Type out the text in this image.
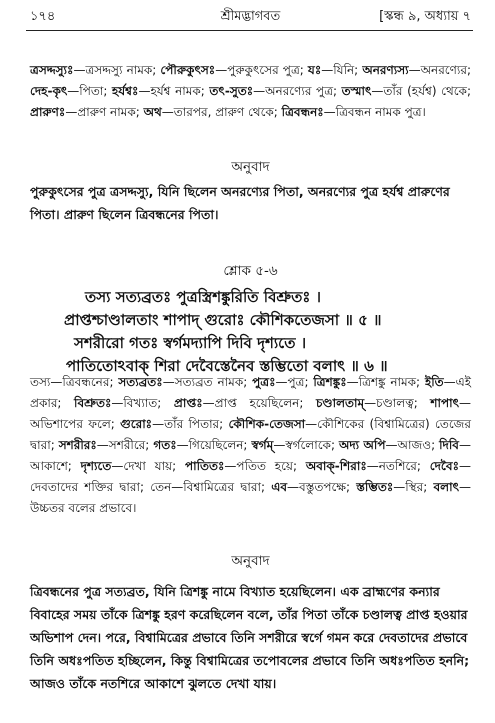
১৭৪	শ্রীমদ্ভাগবত	[স্কন্ধ ৯, অধ্যায় ৭
ত্রসদ্দস্যুঃ—ত্রসদ্দস্যু নামক; পৌরুকুৎসঃ—পুরুকুৎসের পুত্র; যঃ—যিনি; অনরণ্যস্য—অনরণ্যের; দেহ-কৃৎ—পিতা; হর্যশ্বঃ—হর্যশ্ব নামক; তৎ-সুতঃ—অনরণ্যের পুত্র; তস্মাৎ—তাঁর (হর্যশ্ব) থেকে; প্রারুণঃ—প্রারুণ নামক; অথ—তারপর, প্রারুণ থেকে; ত্রিবন্ধনঃ—ত্রিবন্ধন নামক পুত্র।
অনুবাদ
পুরুকুৎসের পুত্র ত্রসদ্দস্যু, যিনি ছিলেন অনরণ্যের পিতা, অনরণ্যের পুত্র হর্যশ্ব প্রারুণের পিতা। প্রারুণ ছিলেন ত্রিবন্ধনের পিতা।
শ্লোক ৫-৬
তস্য সত্যব্রতঃ পুত্রস্ত্রিশঙ্কুরিতি বিশ্রুতঃ ।
প্রাপ্তশ্চাণ্ডালতাং শাপাদ্ গুরোঃ কৌশিকতেজসা ॥ ৫ ॥
সশরীরো গতঃ স্বর্গমদ্যাপি দিবি দৃশ্যতে ।
পাতিতোঽবাক্ শিরা দেবৈস্তেনৈব স্তম্ভিতো বলাৎ ॥ ৬ ॥
তস্য—ত্রিবন্ধনের; সত্যব্রতঃ—সত্যব্রত নামক; পুত্রঃ—পুত্র; ত্রিশঙ্কুঃ—ত্রিশঙ্কু নামক; ইতি—এই প্রকার; বিশ্রুতঃ—বিখ্যাত; প্রাপ্তঃ—প্রাপ্ত হয়েছিলেন; চণ্ডালতাম্—চণ্ডালত্ব; শাপাৎ—অভিশাপের ফলে; গুরোঃ—তাঁর পিতার; কৌশিক-তেজসা—কৌশিকের (বিশ্বামিত্রের) তেজের দ্বারা; সশরীরঃ—সশরীরে; গতঃ—গিয়েছিলেন; স্বর্গম্—স্বর্গলোকে; অদ্য অপি—আজও; দিবি—আকাশে; দৃশ্যতে—দেখা যায়; পাতিতঃ—পতিত হয়ে; অবাক্-শিরাঃ—নতশিরে; দেবৈঃ—দেবতাদের শক্তির দ্বারা; তেন—বিশ্বামিত্রের দ্বারা; এব—বস্তুতপক্ষে; স্তম্ভিতঃ—স্থির; বলাৎ—উচ্চতর বলের প্রভাবে।
অনুবাদ
ত্রিবন্ধনের পুত্র সত্যব্রত, যিনি ত্রিশঙ্কু নামে বিখ্যাত হয়েছিলেন। এক ব্রাহ্মণের কন্যার বিবাহের সময় তাঁকে ত্রিশঙ্কু হরণ করেছিলেন বলে, তাঁর পিতা তাঁকে চণ্ডালত্ব প্রাপ্ত হওয়ার অভিশাপ দেন। পরে, বিশ্বামিত্রের প্রভাবে তিনি সশরীরে স্বর্গে গমন করে দেবতাদের প্রভাবে তিনি অধঃপতিত হচ্ছিলেন, কিন্তু বিশ্বামিত্রের তপোবলের প্রভাবে তিনি অধঃপতিত হননি; আজও তাঁকে নতশিরে আকাশে ঝুলতে দেখা যায়।
